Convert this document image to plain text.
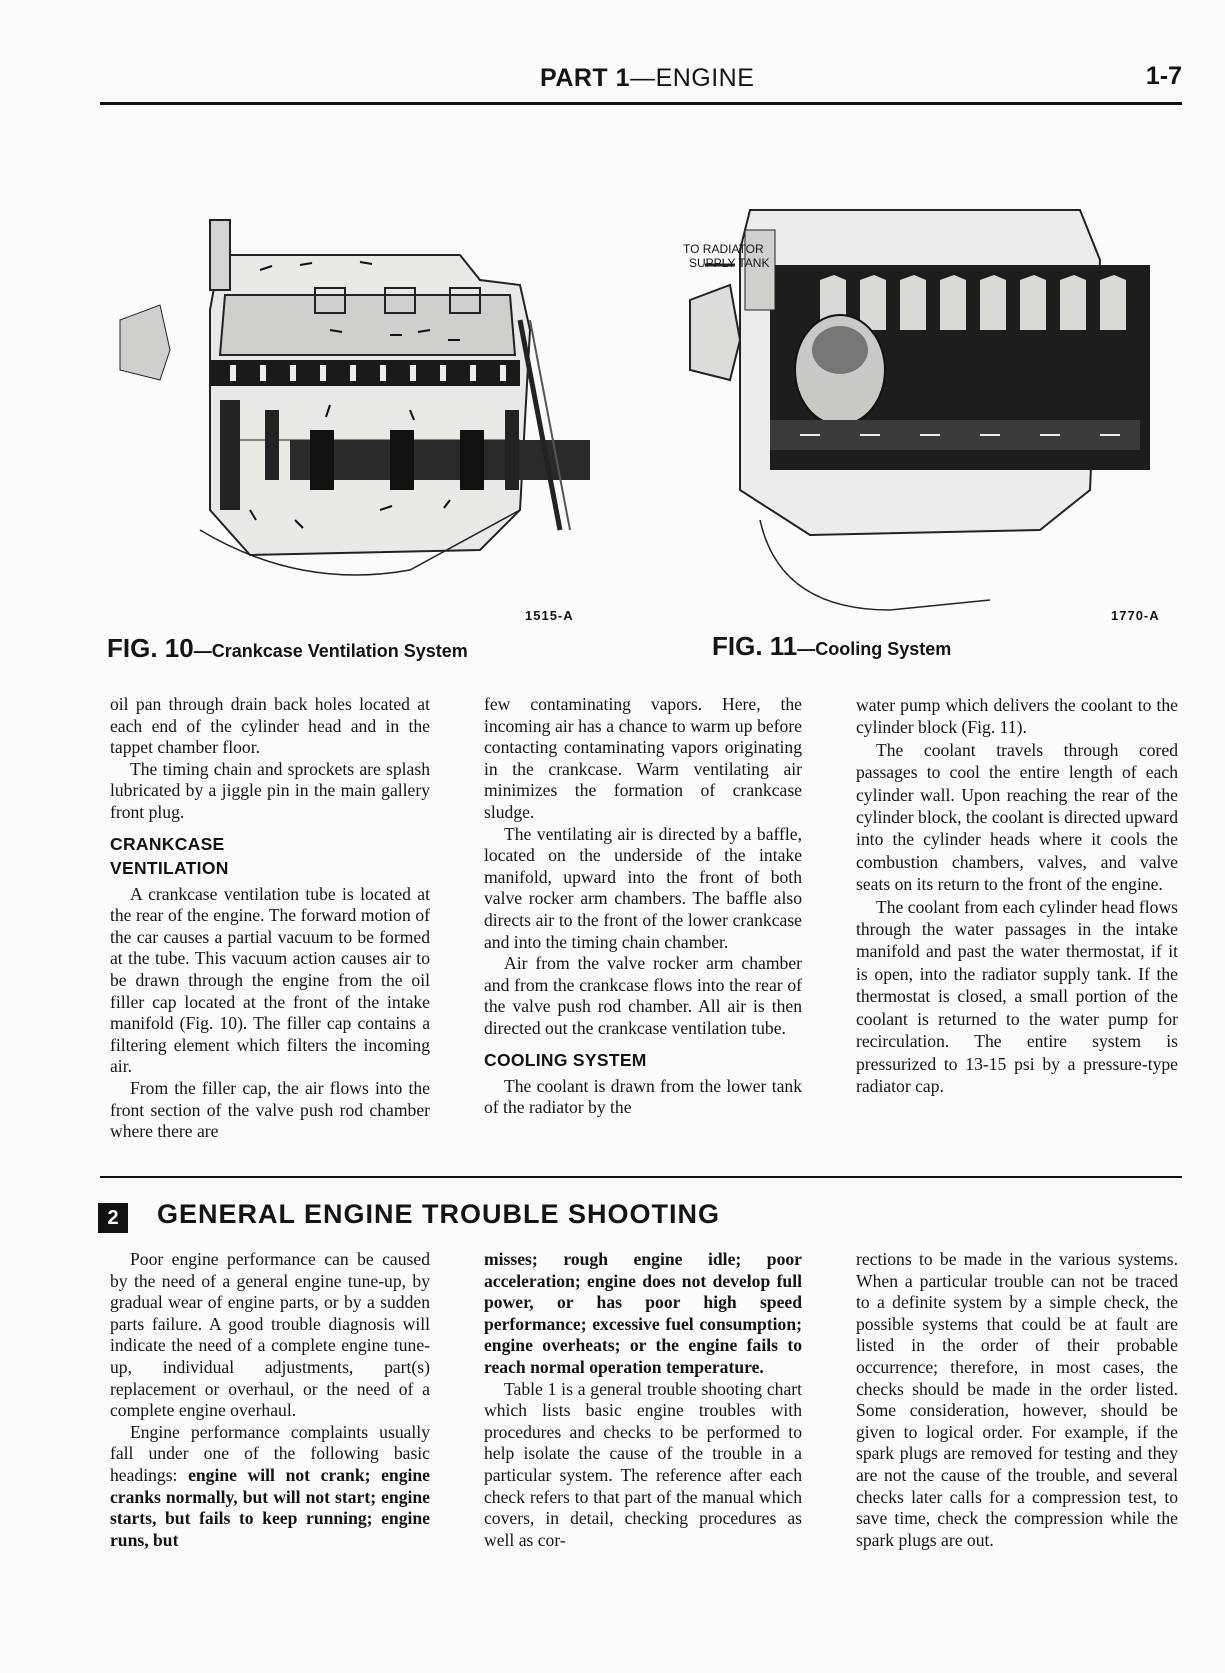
PART 1—ENGINE	1-7
1515-A
FIG. 10—Crankcase Ventilation System
TO RADIATOR
SUPPLY TANK
1770-A
FIG. 11—Cooling System

oil pan through drain back holes located at each end of the cylinder head and in the tappet chamber floor.

The timing chain and sprockets are splash lubricated by a jiggle pin in the main gallery front plug.

CRANKCASE VENTILATION

A crankcase ventilation tube is located at the rear of the engine. The forward motion of the car causes a partial vacuum to be formed at the tube. This vacuum action causes air to be drawn through the engine from the oil filler cap located at the front of the intake manifold (Fig. 10). The filler cap contains a filtering element which filters the incoming air.

From the filler cap, the air flows into the front section of the valve push rod chamber where there are

few contaminating vapors. Here, the incoming air has a chance to warm up before contacting contaminating vapors originating in the crankcase. Warm ventilating air minimizes the formation of crankcase sludge.

The ventilating air is directed by a baffle, located on the underside of the intake manifold, upward into the front of both valve rocker arm chambers. The baffle also directs air to the front of the lower crankcase and into the timing chain chamber.

Air from the valve rocker arm chamber and from the crankcase flows into the rear of the valve push rod chamber. All air is then directed out the crankcase ventilation tube.

COOLING SYSTEM

The coolant is drawn from the lower tank of the radiator by the

water pump which delivers the coolant to the cylinder block (Fig. 11).

The coolant travels through cored passages to cool the entire length of each cylinder wall. Upon reaching the rear of the cylinder block, the coolant is directed upward into the cylinder heads where it cools the combustion chambers, valves, and valve seats on its return to the front of the engine.

The coolant from each cylinder head flows through the water passages in the intake manifold and past the water thermostat, if it is open, into the radiator supply tank. If the thermostat is closed, a small portion of the coolant is returned to the water pump for recirculation. The entire system is pressurized to 13-15 psi by a pressure-type radiator cap.

2	GENERAL ENGINE TROUBLE SHOOTING

Poor engine performance can be caused by the need of a general engine tune-up, by gradual wear of engine parts, or by a sudden parts failure. A good trouble diagnosis will indicate the need of a complete engine tune-up, individual adjustments, part(s) replacement or overhaul, or the need of a complete engine overhaul.

Engine performance complaints usually fall under one of the following basic headings: engine will not crank; engine cranks normally, but will not start; engine starts, but fails to keep running; engine runs, but

misses; rough engine idle; poor acceleration; engine does not develop full power, or has poor high speed performance; excessive fuel consumption; engine overheats; or the engine fails to reach normal operation temperature.

Table 1 is a general trouble shooting chart which lists basic engine troubles with procedures and checks to be performed to help isolate the cause of the trouble in a particular system. The reference after each check refers to that part of the manual which covers, in detail, checking procedures as well as cor-

rections to be made in the various systems. When a particular trouble can not be traced to a definite system by a simple check, the possible systems that could be at fault are listed in the order of their probable occurrence; therefore, in most cases, the checks should be made in the order listed. Some consideration, however, should be given to logical order. For example, if the spark plugs are removed for testing and they are not the cause of the trouble, and several checks later calls for a compression test, to save time, check the compression while the spark plugs are out.
